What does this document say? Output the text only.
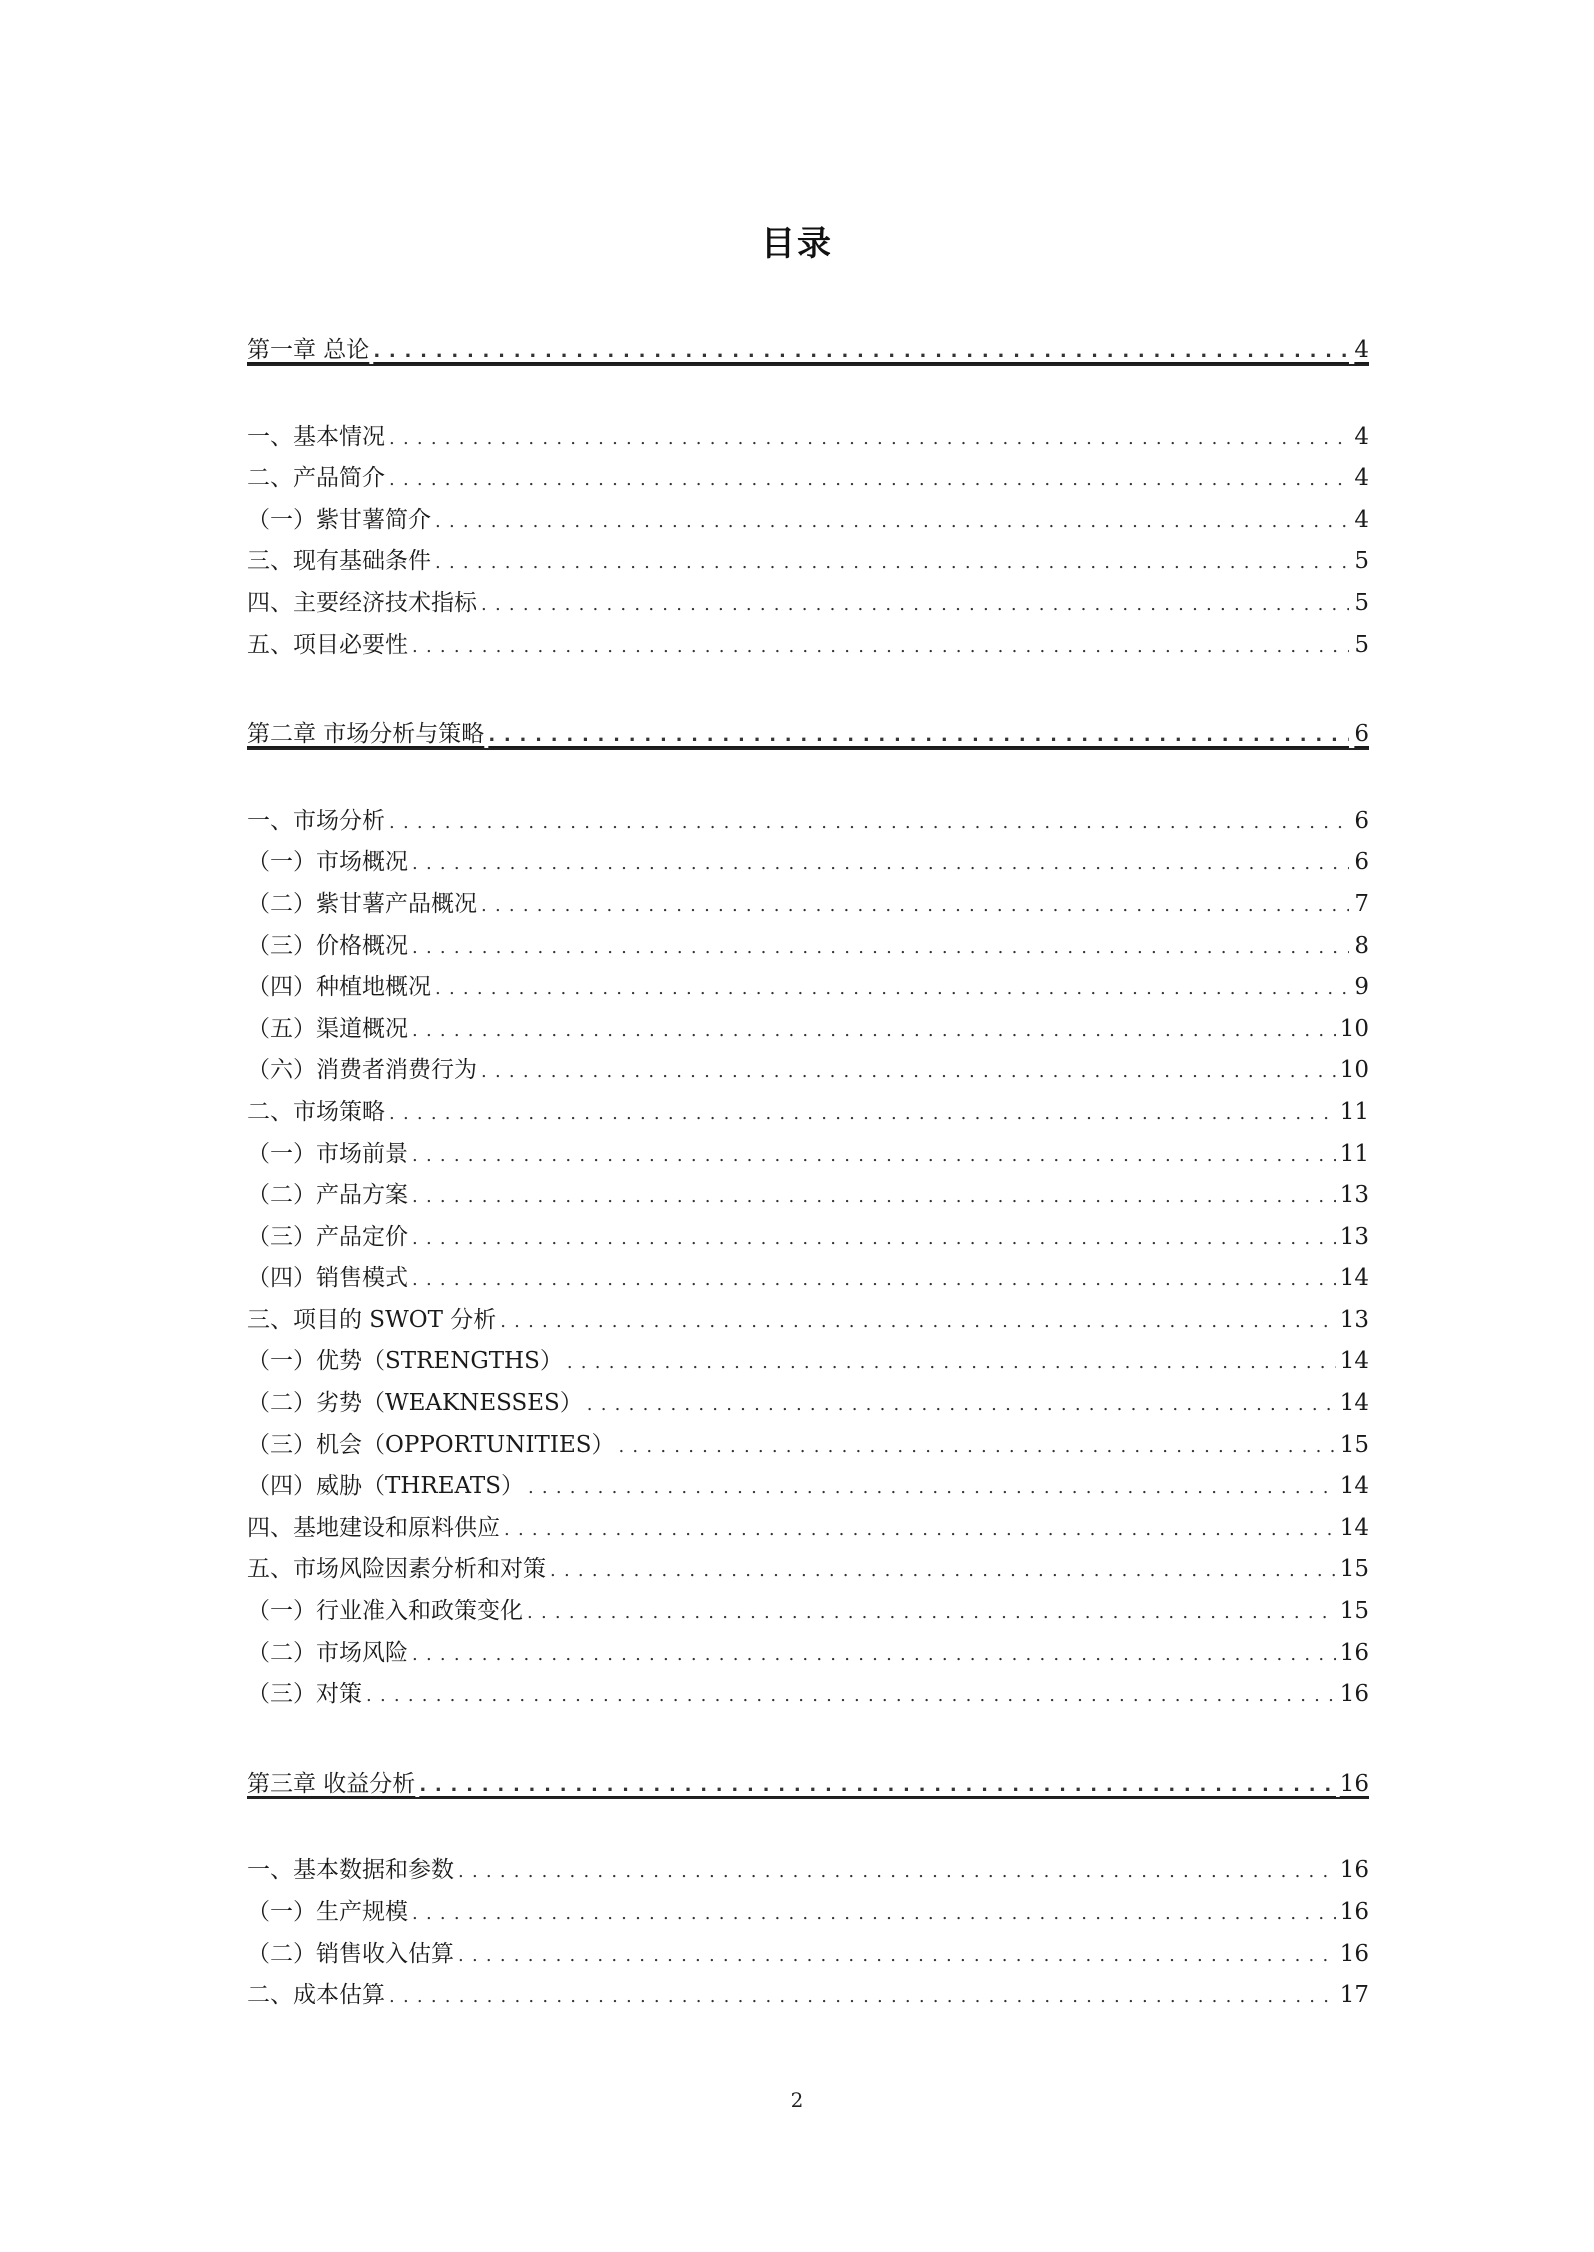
目录
第一章 总论 . . .	4
一、基本情况 . . .	4
二、产品简介 . . .	4
（一）紫甘薯简介 . . .	4
三、现有基础条件 . . .	5
四、主要经济技术指标 . . .	5
五、项目必要性 . . .	5
第二章 市场分析与策略 . . .	6
一、市场分析 . . .	6
（一）市场概况 . . .	6
（二）紫甘薯产品概况 . . .	7
（三）价格概况 . . .	8
（四）种植地概况 . . .	9
（五）渠道概况 . . .	10
（六）消费者消费行为 . . .	10
二、市场策略 . . .	11
（一）市场前景 . . .	11
（二）产品方案 . . .	13
（三）产品定价 . . .	13
（四）销售模式 . . .	14
三、项目的 SWOT 分析 . . .	13
（一）优势（STRENGTHS） . . .	14
（二）劣势（WEAKNESSES） . . .	14
（三）机会（OPPORTUNITIES） . . .	15
（四）威胁（THREATS） . . .	14
四、基地建设和原料供应 . . .	14
五、市场风险因素分析和对策 . . .	15
（一）行业准入和政策变化 . . .	15
（二）市场风险 . . .	16
（三）对策 . . .	16
第三章 收益分析 . . .	16
一、基本数据和参数 . . .	16
（一）生产规模 . . .	16
（二）销售收入估算 . . .	16
二、成本估算 . . .	17
2
